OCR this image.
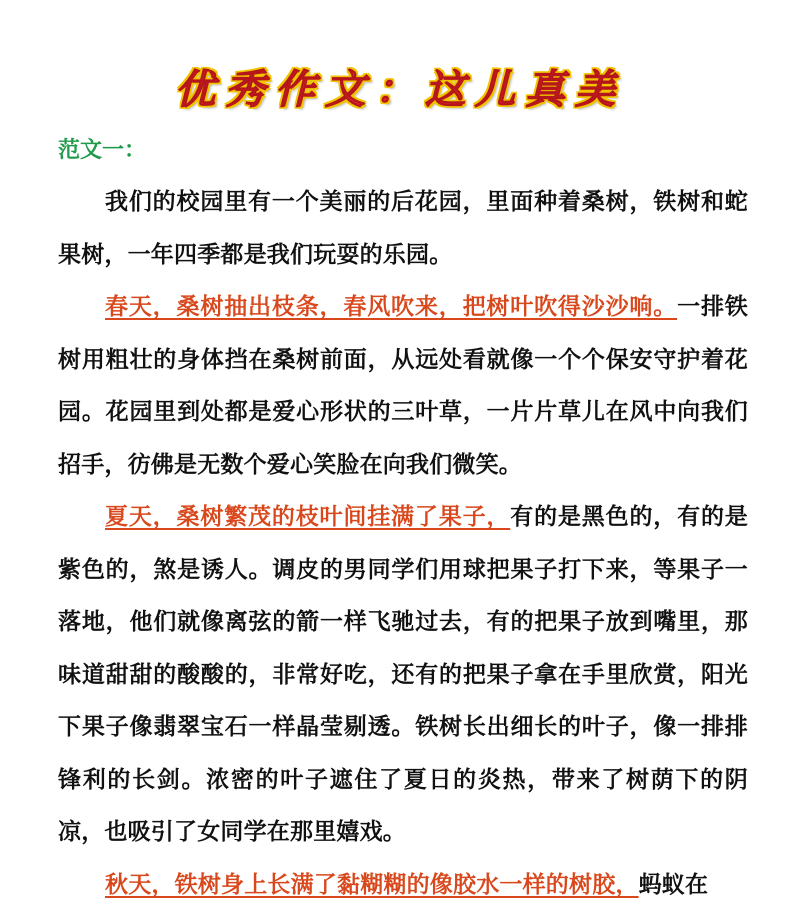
优秀作文：这儿真美
范文一：

我们的校园里有一个美丽的后花园，里面种着桑树，铁树和蛇果树，一年四季都是我们玩耍的乐园。

春天，桑树抽出枝条，春风吹来，把树叶吹得沙沙响。一排铁树用粗壮的身体挡在桑树前面，从远处看就像一个个保安守护着花园。花园里到处都是爱心形状的三叶草，一片片草儿在风中向我们招手，彷佛是无数个爱心笑脸在向我们微笑。

夏天，桑树繁茂的枝叶间挂满了果子，有的是黑色的，有的是紫色的，煞是诱人。调皮的男同学们用球把果子打下来，等果子一落地，他们就像离弦的箭一样飞驰过去，有的把果子放到嘴里，那味道甜甜的酸酸的，非常好吃，还有的把果子拿在手里欣赏，阳光下果子像翡翠宝石一样晶莹剔透。铁树长出细长的叶子，像一排排锋利的长剑。浓密的叶子遮住了夏日的炎热，带来了树荫下的阴凉，也吸引了女同学在那里嬉戏。

秋天，铁树身上长满了黏糊糊的像胶水一样的树胶，蚂蚁在
